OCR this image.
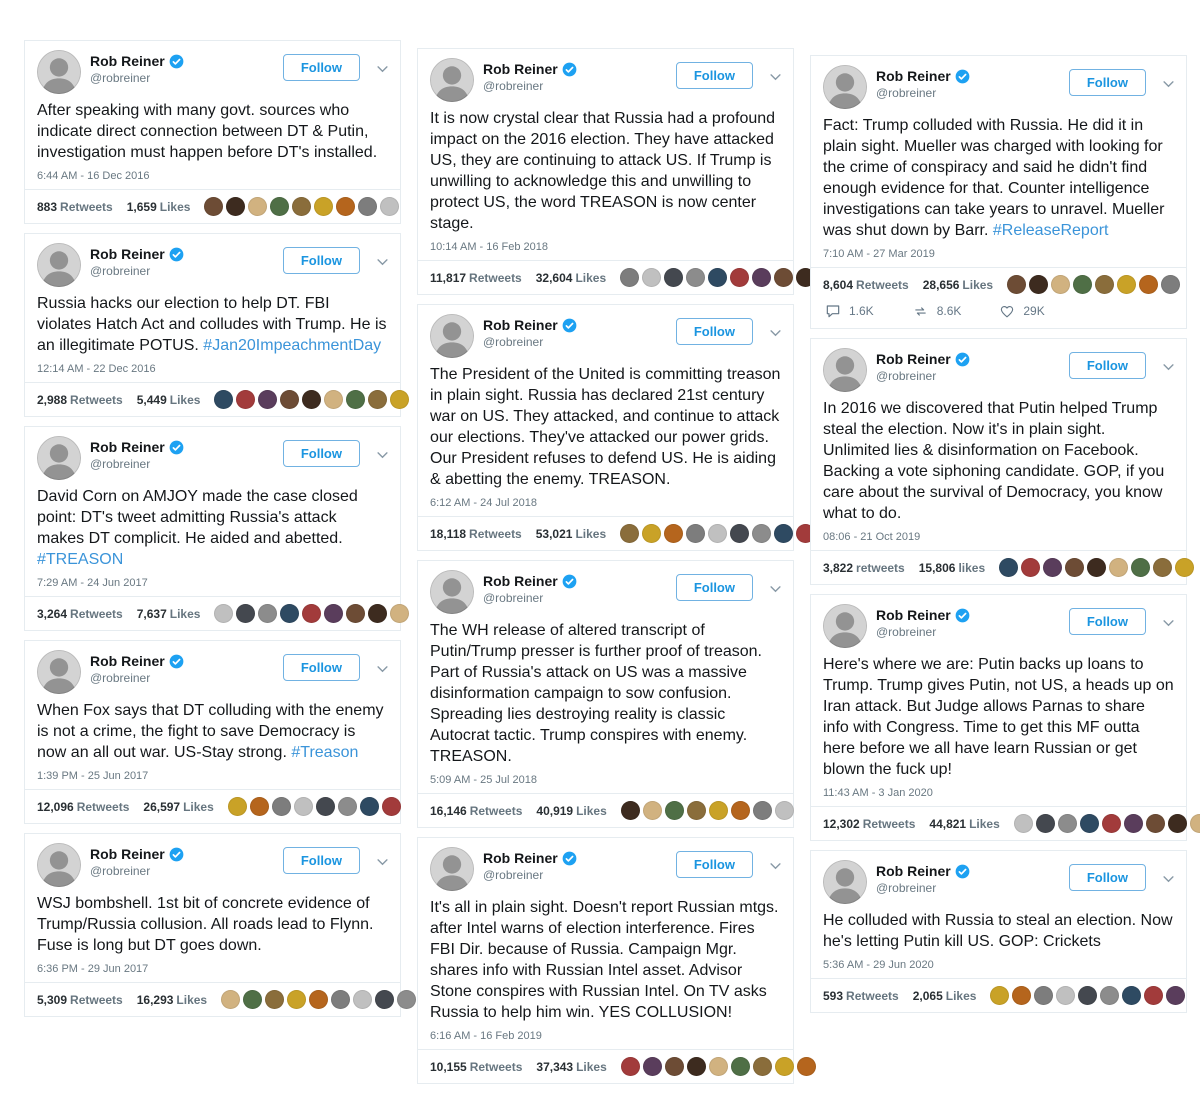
Rob Reiner
@robreiner
Follow

After speaking with many govt. sources who indicate direct connection between DT & Putin, investigation must happen before DT's installed.

6:44 AM - 16 Dec 2016
883 Retweets 1,659 Likes
Rob Reiner
@robreiner
Follow

Russia hacks our election to help DT. FBI violates Hatch Act and colludes with Trump. He is an illegitimate POTUS. #Jan20ImpeachmentDay

12:14 AM - 22 Dec 2016
2,988 Retweets 5,449 Likes
Rob Reiner
@robreiner
Follow

David Corn on AMJOY made the case closed point: DT's tweet admitting Russia's attack makes DT complicit. He aided and abetted. #TREASON

7:29 AM - 24 Jun 2017
3,264 Retweets 7,637 Likes
Rob Reiner
@robreiner
Follow

When Fox says that DT colluding with the enemy is not a crime, the fight to save Democracy is now an all out war. US-Stay strong. #Treason

1:39 PM - 25 Jun 2017
12,096 Retweets 26,597 Likes
Rob Reiner
@robreiner
Follow

WSJ bombshell. 1st bit of concrete evidence of Trump/Russia collusion. All roads lead to Flynn. Fuse is long but DT goes down.

6:36 PM - 29 Jun 2017
5,309 Retweets 16,293 Likes
Rob Reiner
@robreiner
Follow

It is now crystal clear that Russia had a profound impact on the 2016 election. They have attacked US, they are continuing to attack US. If Trump is unwilling to acknowledge this and unwilling to protect US, the word TREASON is now center stage.

10:14 AM - 16 Feb 2018
11,817 Retweets 32,604 Likes
Rob Reiner
@robreiner
Follow

The President of the United is committing treason in plain sight. Russia has declared 21st century war on US. They attacked, and continue to attack our elections. They've attacked our power grids. Our President refuses to defend US. He is aiding & abetting the enemy. TREASON.

6:12 AM - 24 Jul 2018
18,118 Retweets 53,021 Likes
Rob Reiner
@robreiner
Follow

The WH release of altered transcript of Putin/Trump presser is further proof of treason. Part of Russia's attack on US was a massive disinformation campaign to sow confusion. Spreading lies destroying reality is classic Autocrat tactic. Trump conspires with enemy. TREASON.

5:09 AM - 25 Jul 2018
16,146 Retweets 40,919 Likes
Rob Reiner
@robreiner
Follow

It's all in plain sight. Doesn't report Russian mtgs. after Intel warns of election interference. Fires FBI Dir. because of Russia. Campaign Mgr. shares info with Russian Intel asset. Advisor Stone conspires with Russian Intel. On TV asks Russia to help him win. YES COLLUSION!

6:16 AM - 16 Feb 2019
10,155 Retweets 37,343 Likes
Rob Reiner
@robreiner
Follow

Fact: Trump colluded with Russia. He did it in plain sight. Mueller was charged with looking for the crime of conspiracy and said he didn't find enough evidence for that. Counter intelligence investigations can take years to unravel. Mueller was shut down by Barr. #ReleaseReport

7:10 AM - 27 Mar 2019
8,604 Retweets 28,656 Likes
1.6K	8.6K	29K
Rob Reiner
@robreiner
Follow

In 2016 we discovered that Putin helped Trump steal the election. Now it's in plain sight. Unlimited lies & disinformation on Facebook. Backing a vote siphoning candidate. GOP, if you care about the survival of Democracy, you know what to do.

08:06 - 21 Oct 2019
3,822 retweets 15,806 likes
Rob Reiner
@robreiner
Follow

Here's where we are: Putin backs up loans to Trump. Trump gives Putin, not US, a heads up on Iran attack. But Judge allows Parnas to share info with Congress. Time to get this MF outta here before we all have learn Russian or get blown the fuck up!

11:43 AM - 3 Jan 2020
12,302 Retweets 44,821 Likes
Rob Reiner
@robreiner
Follow

He colluded with Russia to steal an election. Now he's letting Putin kill US. GOP: Crickets

5:36 AM - 29 Jun 2020
593 Retweets 2,065 Likes
